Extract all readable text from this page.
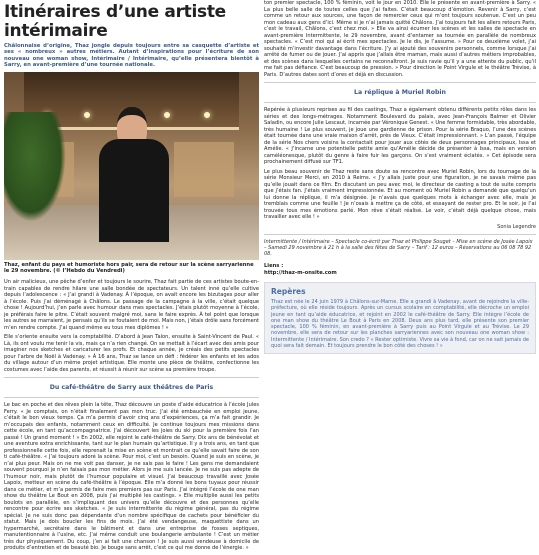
Itinéraires d’une artiste intérimaire

Châlonnaise d’origine, Thaz jongle depuis toujours entre sa casquette d’artiste et ses « nombreux » autres métiers. Autant d’inspirations pour l’écriture de son nouveau one woman show, Intérimaire / Intérimaire, qu’elle présentera bientôt à Sarry, en avant-première d’une tournée nationale.

Thaz, enfant du pays et humoriste hors pair, sera de retour sur la scène sarryarienne le 29 novembre. (© l’Hebdo du Vendredi)

Un air malicieux, une pêche d’enfer et toujours le sourire, Thaz fait partie de ces artistes boute-en-train capables de rendre hilare une salle bondée de spectateurs. Un talent inné qu’elle cultive depuis l’adolescence : « J’ai grandi à Vadenay. À l’époque, on avait encore les bizutages pour aller à l’école. Puis j’ai déménagé à Châlons. Le passage de la campagne à la ville, c’était quelque chose ! Aujourd’hui, j’en parle avec humour dans mes spectacles. J’étais plutôt moyenne à l’école, je préférais faire le pitre. C’était souvent malgré moi, sans le faire exprès. À tel point que lorsque les autres se marraient, je pensais qu’ils se foutaient de moi. Mais non, j’étais drôle sans forcément m’en rendre compte. J’ai quand même eu tous mes diplômes ! »

Elle s’oriente ensuite vers la comptabilité. D’abord à Jean Talon, ensuite à Saint-Vincent de Paul. « Là, ils ont voulu me tenir la vis, mais ça n’a rien changé. On se mettait à l’écart avec des amis pour imaginer nos sketches et caricaturer les profs. Et chaque année, je créais des petits spectacles pour l’arbre de Noël à Vadenay. » À 16 ans, Thaz se lance un défi : fédérer les enfants et les ados du village autour d’un même projet artistique. Elle monte une pièce de théâtre, confectionne les costumes avec l’aide des parents, et réussit à réunir sur scène sa première troupe.

Du café-théâtre de Sarry aux théâtres de Paris

Le bac en poche et des rêves plein la tête, Thaz découvre un poste d’aide éducatrice à l’école Jules Ferry. « Je comptais, on n’était finalement pas mon truc. J’ai été embauchée en emploi jeune, c’était le bon vieux temps. Ça m’a permis d’avoir cinq ans d’expériences, ça m’a fait grandir. Je m’occupais des enfants, notamment ceux en difficulté. Je continue toujours mes missions dans cette école, en tant qu’accompagnatrice. J’ai découvert les joies du ski pour la première fois l’an passé ! Un grand moment ! » En 2002, elle rejoint le café-théâtre de Sarry. Dix ans de bénévolat et une aventure extra enrichissante, tant sur le plan humain qu’artistique. Il y a trois ans, en tant que professionnelle cette fois, elle reprenait la mise en scène et montrait ce qu’elle savait faire de son ti café-théâtre. « J’ai toujours adoré la scène. Pour moi, c’est un besoin. Quand je suis en scène, je n’ai plus peur. Mais on ne me voit pas danser, je ne sais pas le faire ! Les gens me demandaient souvent pourquoi je n’en faisais pas mon métier. Alors je me suis lancée. Je ne suis pas adepte de l’humour noir, mais plutôt de l’humour populaire et visuel. J’ai beaucoup travaillé avec Josée Lapoix, metteur en scène du café-théâtre à l’époque. Elle m’a donné les bons tuyaux pour réussir dans ce métier, et m’a permis de faire mes premiers pas sur Paris. J’ai intégré l’école de one man show du théâtre Le Bout en 2008, puis j’ai multiplié les castings. » Elle multiplie aussi les petits boulots en parallèle, en s’impliquant des univers qu’elle découvre et des personnes qu’elle rencontre pour écrire ses sketches. « Je suis intermittente du régime général, pas du régime spécial. Je ne suis donc pas dépendante d’un nombre spécifique de cachets pour bénéficier du statut. Mais je dois boucler les fins de mois. J’ai été vendangeuse, maquettiste dans un hypermarché, secrétaire dans le bâtiment et dans une entreprise de fosses septiques, manutentionnaire à l’usine, etc. J’ai même conduit une boulangerie ambulante ! C’est un métier très dur physiquement. Du coup, j’en ai fait une chanson ! Je suis aussi vendeuse à domicile de produits d’entretien et de beauté bio. Je bouge sans arrêt, c’est ce qui me donne de l’énergie. »

ton premier spectacle, 100 % féminin, voit le jour en 2010. Elle le présente en avant-première à Sarry. « La plus belle salle de toutes celles que j’ai faites. C’était beaucoup d’émotion. Revenir à Sarry, c’est comme un retour aux sources, une façon de remercier ceux qui m’ont toujours soutenue. C’est un peu mon cadeau aux gens d’ici. Même si je n’ai jamais quitté Châlons. J’ai toujours fait les allers retours Paris, c’est le travail, Châlons, c’est chez moi. » Elle va ainsi écumer les scènes et les salles de spectacle en avant-première Intermittente, le 29 novembre, avant d’entamer sa tournée en parallèle de nombreux spectacles. « C’est moi qui ai écrit mes spectacles. Je le dis, je l’assume. » Pour ce deuxième volet, j’ai souhaité m’investir davantage dans l’écriture. J’y ai ajouté des souvenirs personnels, comme lorsque j’ai arrêté de fumer ou de jouer. J’ai appris que j’allais être maman, mais aussi d’autres métiers improbables, et des scènes dans lesquelles certains ne reconnaîtront. Je suis ravie qu’il y a une attente du public, qu’il me fait pas défiance. C’est beaucoup de pression. » Pour direction le Point Virgule et le théâtre Trévise, à Paris. D’autres dates sont d’ores et déjà en discussion.

La réplique à Muriel Robin

Repérée à plusieurs reprises au fil des castings, Thaz a également obtenu différents petits rôles dans les séries et des longs-métrages. Notamment Boulevard du palais, avec Jean-François Balmer et Olivier Saladin, ou encore Julie Lescaut, incarnée par Véronique Genest. « Une femme formidable, très abordable, très humaine ! Le plus souvent, je joue une gardienne de prison. Pour la série Braquo, l’une des scènes était tournée dans une vraie maison d’arrêt, près de Vieux. C’était impressionnant. » L’an passé, l’équipe de la série Nos chers voisins la contactait pour jouer aux côtés de deux personnages principaux, Issa et Amélie. « J’incarne une potentielle petite amie qu’Amélie décide de présenter à Issa, mais en version caméléonesque, plutôt du genre à faire fuir les garçons. On s’est vraiment éclatés. » Cet épisode sera prochainement diffusé sur TF1.

Le plus beau souvenir de Thaz reste sans doute sa rencontre avec Muriel Robin, lors du tournage de la série Monsieur Merci, en 2010 à Reims. « J’y allais juste pour une figuration, je ne savais même pas qu’elle jouait dans ce film. En discutant un peu avec moi, le directeur de casting a tout de suite compris que j’étais fan. J’étais vraiment impressionnée. Et au moment où Muriel Robin a demandé que quelqu’un lui donne la réplique, il m’a désignée. Je n’avais que quelques mots à échanger avec elle, mais je tremblais comme une feuille ! Je n’osais à mettre ça de côté, et essayant de rester pro. Et le soir, je l’ai trouvée tous mes émotions parlé. Mon rêve s’était réalisé. Le voir, c’était déjà quelque chose, mais travailler avec elle ! »

Sonia Legendre

Intermittente / Intérimaire – Spectacle co-écrit par Thaz et Philippe Souget – Mise en scène de Josée Lapoix – Samedi 29 novembre à 21 h à la salle des fêtes de Sarry – Tarif : 12 euros – Réservations au 06 08 78 92 08.

Liens :
http://thaz-m-onsite.com
Repères

Thaz est née le 24 juin 1979 à Châlons-sur-Marne. Elle a grandi à Vadenay, avant de rejoindre la ville-préfecture, où elle réside toujours. Après un cursus scolaire en comptabilité, elle décroche un emploi jeune en tant qu’aide éducatrice, et rejoint en 2002 le café-théâtre de Sarry. Elle intègre l’école de one man show du théâtre Le Bout à Paris en 2008. Deux ans plus tard, elle présente son premier spectacle, 100 % féminin, en avant-première à Sarry puis au Point Virgule et au Trévise. Le 29 novembre, elle sera de retour sur les planches sarryariennes avec son nouveau one woman show : Intermittente / Intérimaire. Son credo ? « Rester optimiste. Vivre sa vie à fond, car on ne sait jamais de quoi sera fait demain. Et toujours prendre le bon côté des choses ! »
